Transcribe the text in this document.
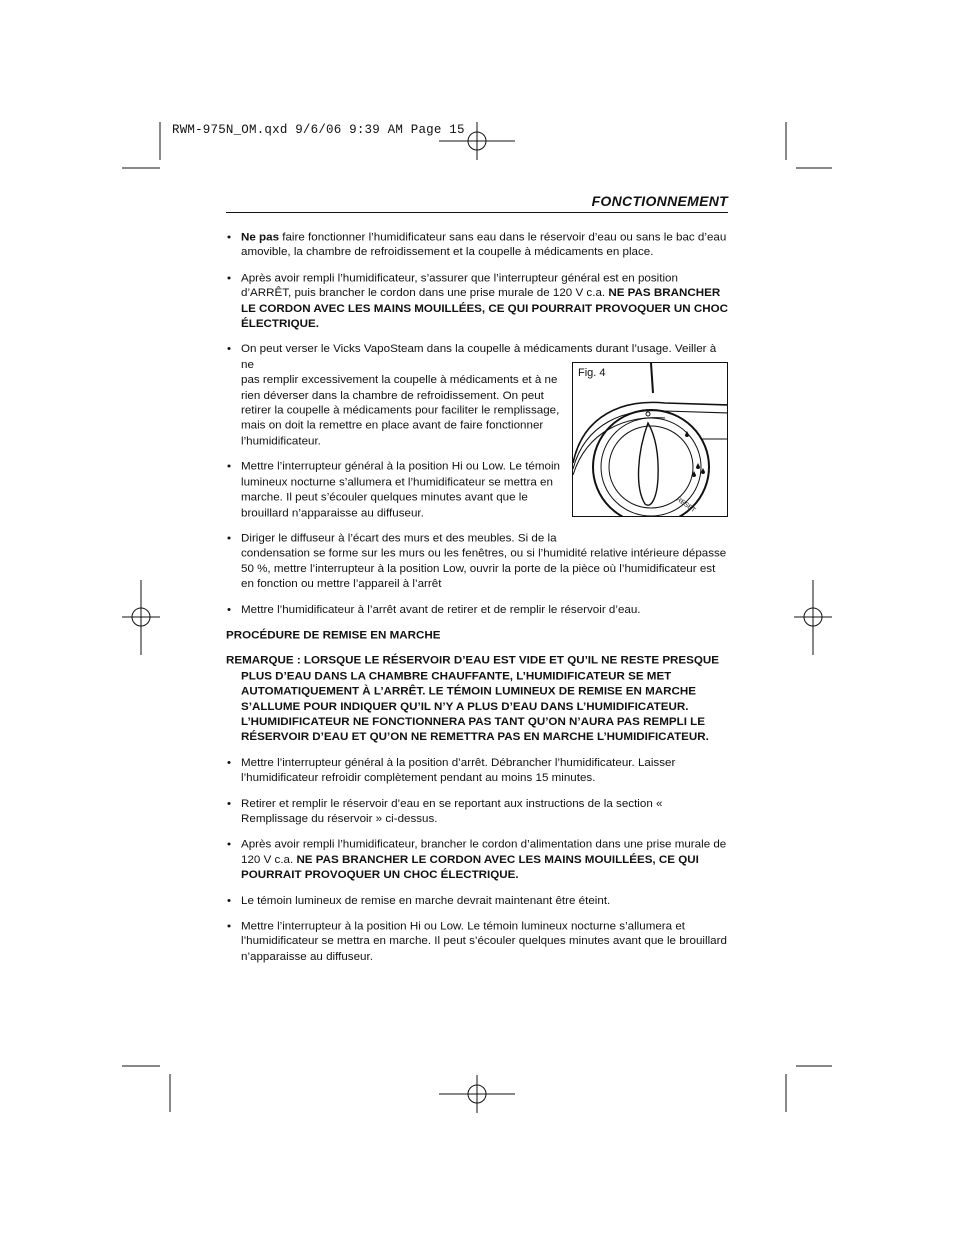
RWM-975N_OM.qxd 9/6/06 9:39 AM Page 15
FONCTIONNEMENT
Fig. 4
RESET
• Ne pas faire fonctionner l’humidificateur sans eau dans le réservoir d’eau ou sans le bac d’eau amovible, la chambre de refroidissement et la coupelle à médicaments en place.
• Après avoir rempli l’humidificateur, s’assurer que l’interrupteur général est en position d’ARRÊT, puis brancher le cordon dans une prise murale de 120 V c.a. NE PAS BRANCHER LE CORDON AVEC LES MAINS MOUILLÉES, CE QUI POURRAIT PROVOQUER UN CHOC ÉLECTRIQUE.
• On peut verser le Vicks VapoSteam dans la coupelle à médicaments durant l’usage. Veiller à ne
pas remplir excessivement la coupelle à médicaments et à ne rien déverser dans la chambre de refroidissement. On peut retirer la coupelle à médicaments pour faciliter le remplissage, mais on doit la remettre en place avant de faire fonctionner l’humidificateur.
• Mettre l’interrupteur général à la position Hi ou Low. Le témoin lumineux nocturne s’allumera et l’humidificateur se mettra en marche. Il peut s’écouler quelques minutes avant que le brouillard n’apparaisse au diffuseur.
• Diriger le diffuseur à l’écart des murs et des meubles. Si de la
condensation se forme sur les murs ou les fenêtres, ou si l’humidité relative intérieure dépasse 50 %, mettre l’interrupteur à la position Low, ouvrir la porte de la pièce où l’humidificateur est en fonction ou mettre l’appareil à l’arrêt
• Mettre l’humidificateur à l’arrêt avant de retirer et de remplir le réservoir d’eau.
PROCÉDURE DE REMISE EN MARCHE
REMARQUE : LORSQUE LE RÉSERVOIR D’EAU EST VIDE ET QU’IL NE RESTE PRESQUE PLUS D’EAU DANS LA CHAMBRE CHAUFFANTE, L’HUMIDIFICATEUR SE MET AUTOMATIQUEMENT À L’ARRÊT. LE TÉMOIN LUMINEUX DE REMISE EN MARCHE S’ALLUME POUR INDIQUER QU’IL N’Y A PLUS D’EAU DANS L’HUMIDIFICATEUR. L’HUMIDIFICATEUR NE FONCTIONNERA PAS TANT QU’ON N’AURA PAS REMPLI LE RÉSERVOIR D’EAU ET QU’ON NE REMETTRA PAS EN MARCHE L’HUMIDIFICATEUR.
• Mettre l’interrupteur général à la position d’arrêt. Débrancher l’humidificateur. Laisser l’humidificateur refroidir complètement pendant au moins 15 minutes.
• Retirer et remplir le réservoir d’eau en se reportant aux instructions de la section « Remplissage du réservoir » ci-dessus.
• Après avoir rempli l’humidificateur, brancher le cordon d’alimentation dans une prise murale de 120 V c.a. NE PAS BRANCHER LE CORDON AVEC LES MAINS MOUILLÉES, CE QUI POURRAIT PROVOQUER UN CHOC ÉLECTRIQUE.
• Le témoin lumineux de remise en marche devrait maintenant être éteint.
• Mettre l’interrupteur à la position Hi ou Low. Le témoin lumineux nocturne s’allumera et l’humidificateur se mettra en marche. Il peut s’écouler quelques minutes avant que le brouillard n’apparaisse au diffuseur.
